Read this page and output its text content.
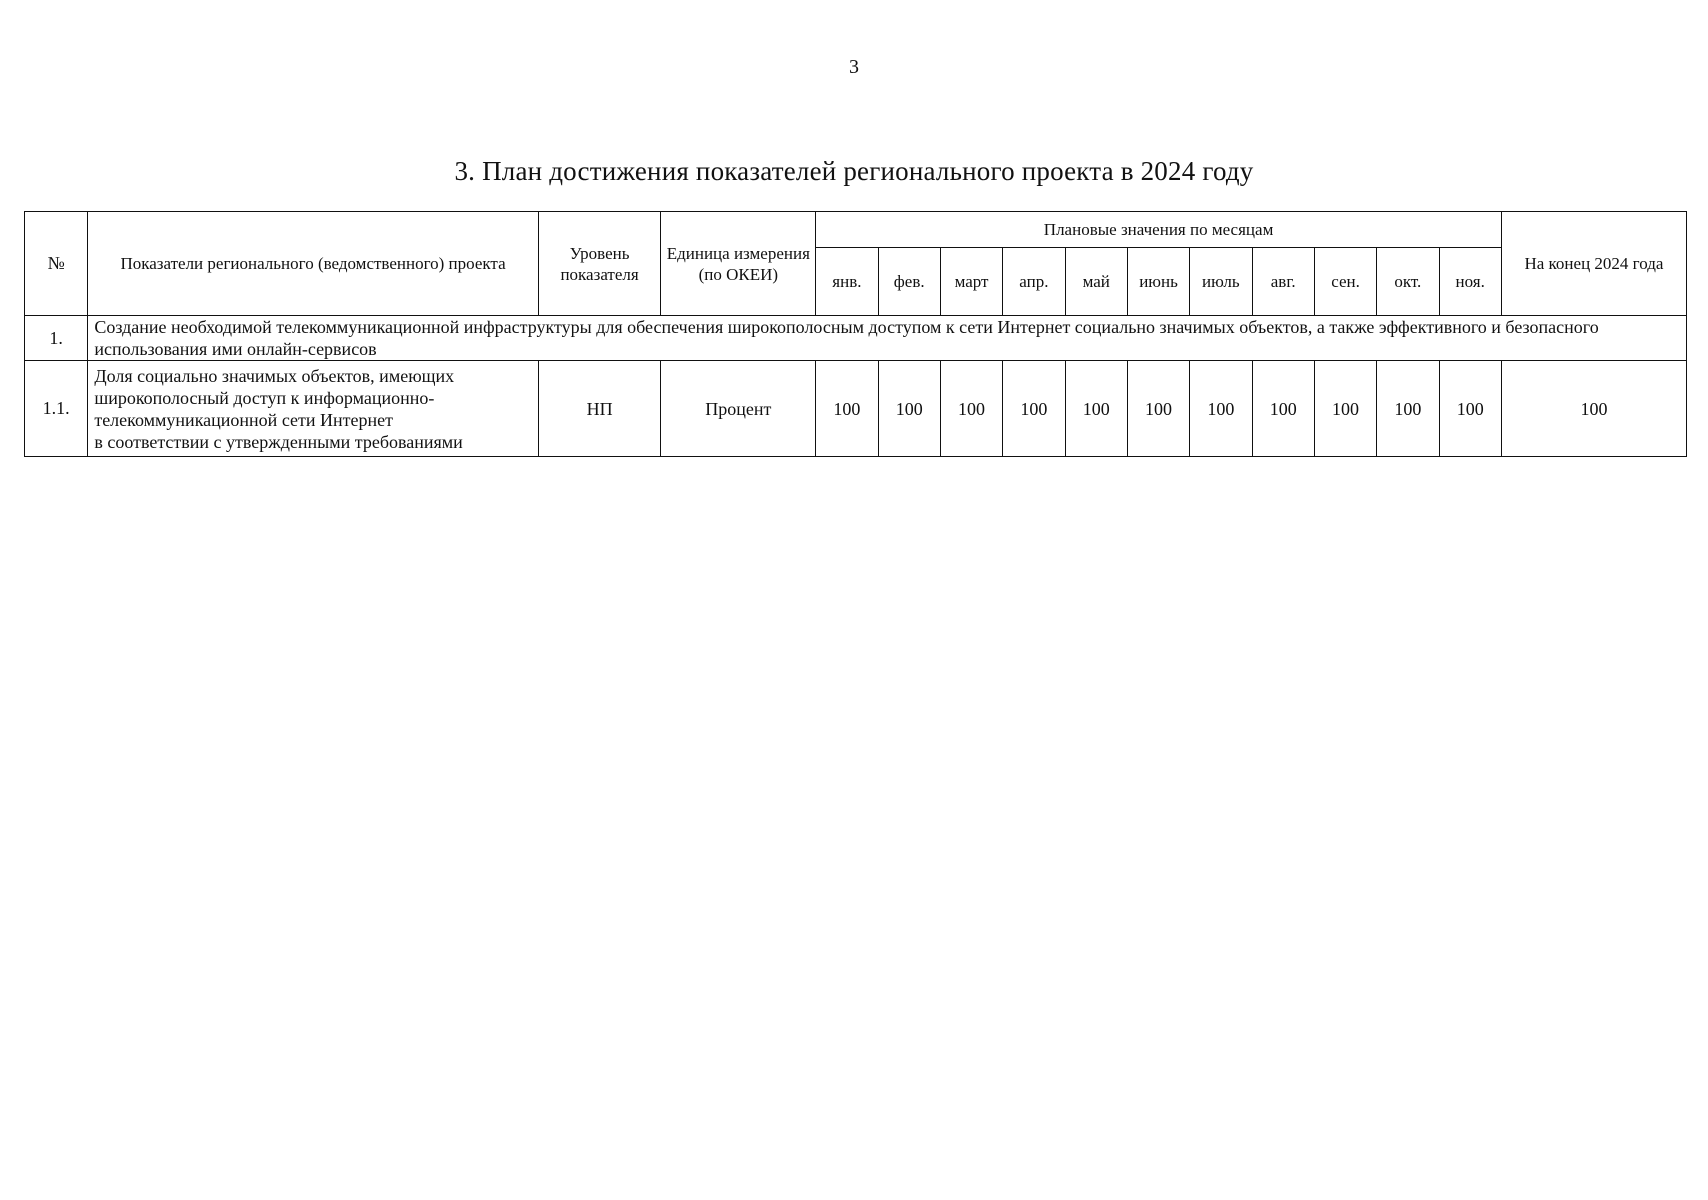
3
3. План достижения показателей регионального проекта в 2024 году
№	Показатели регионального (ведомственного) проекта	Уровень показателя	Единица измерения (по ОКЕИ)	Плановые значения по месяцам											На конец 2024 года
				янв.	фев.	март	апр.	май	июнь	июль	авг.	сен.	окт.	ноя.	
1.	Создание необходимой телекоммуникационной инфраструктуры для обеспечения широкополосным доступом к сети Интернет социально значимых объектов, а также эффективного и безопасного использования ими онлайн-сервисов														
1.1.	Доля социально значимых объектов, имеющих
широкополосный доступ к информационно-
телекоммуникационной сети Интернет
в соответствии с утвержденными требованиями	НП	Процент	100	100	100	100	100	100	100	100	100	100	100	100
